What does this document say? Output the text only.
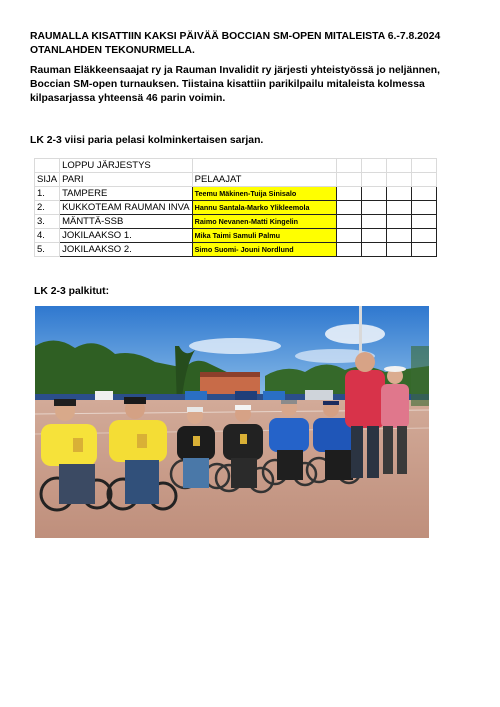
RAUMALLA KISATTIIN KAKSI PÄIVÄÄ BOCCIAN SM-OPEN MITALEISTA 6.-7.8.2024 OTANLAHDEN TEKONURMELLA.
Rauman Eläkkeensaajat ry ja Rauman Invalidit ry järjesti yhteistyössä jo neljännen, Boccian SM-open turnauksen. Tiistaina kisattiin parikilpailu mitaleista kolmessa kilpasarjassa yhteensä 46 parin voimin.
LK 2-3 viisi paria pelasi kolminkertaisen sarjan.
	LOPPU JÄRJESTYS					
SIJA	PARI	PELAAJAT				
1.	TAMPERE	Teemu Mäkinen-Tuija Sinisalo				
2.	KUKKOTEAM RAUMAN INVA	Hannu Santala-Marko Ylikleemola				
3.	MÄNTTÄ-SSB	Raimo Nevanen-Matti Kingelin				
4.	JOKILAAKSO 1.	Mika Taimi Samuli Palmu				
5.	JOKILAAKSO 2.	Simo Suomi- Jouni Nordlund				
LK 2-3 palkitut:
